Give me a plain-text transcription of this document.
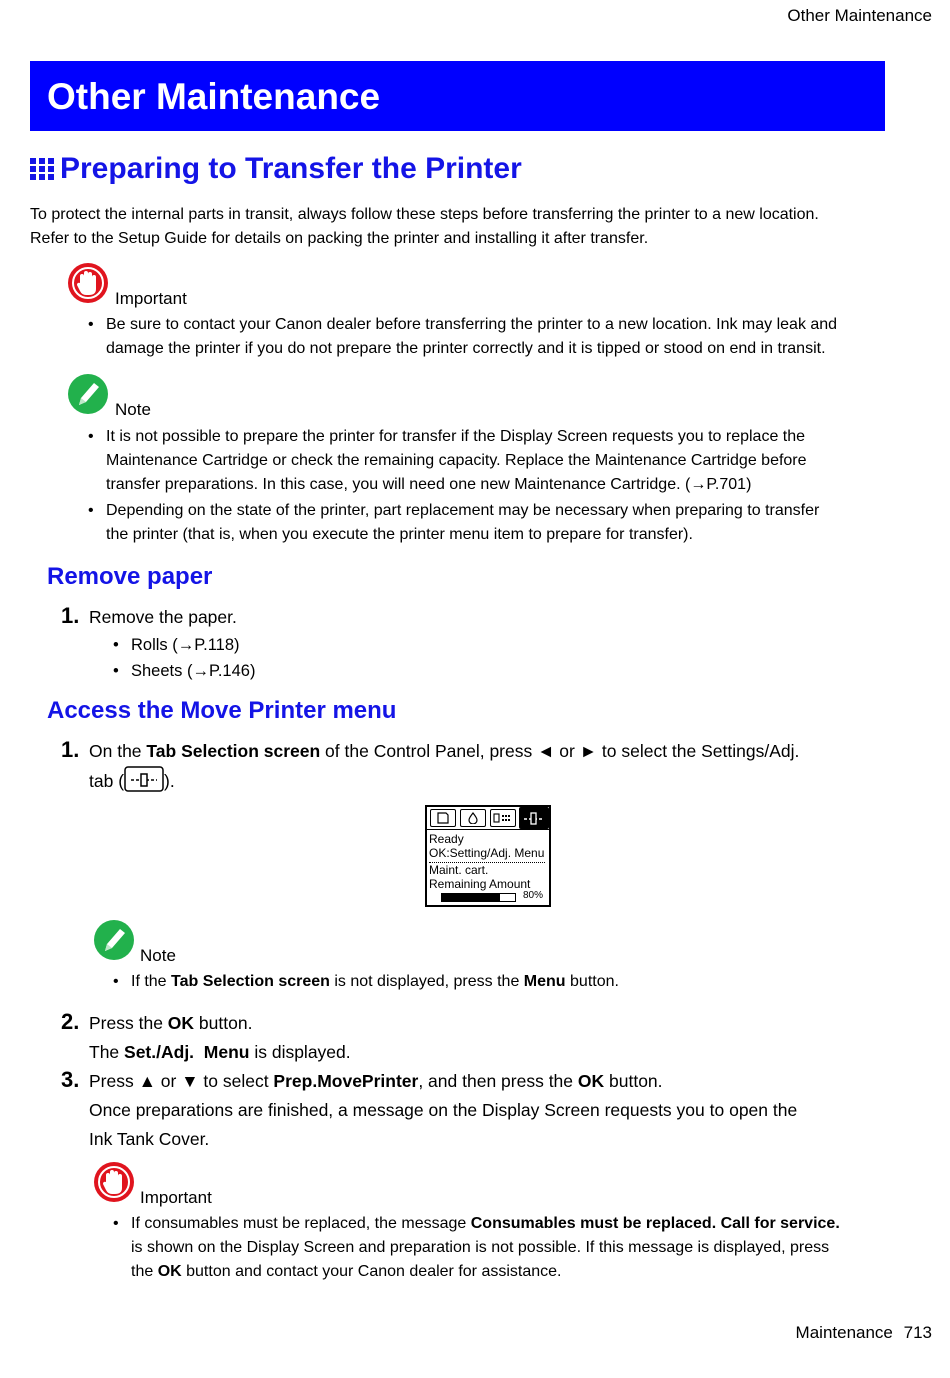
Other Maintenance
Other Maintenance
Preparing to Transfer the Printer
To protect the internal parts in transit, always follow these steps before transferring the printer to a new location.
Refer to the Setup Guide for details on packing the printer and installing it after transfer.
Important
• Be sure to contact your Canon dealer before transferring the printer to a new location. Ink may leak and
damage the printer if you do not prepare the printer correctly and it is tipped or stood on end in transit.
Note
• It is not possible to prepare the printer for transfer if the Display Screen requests you to replace the
Maintenance Cartridge or check the remaining capacity. Replace the Maintenance Cartridge before
transfer preparations. In this case, you will need one new Maintenance Cartridge. (→P.701)
• Depending on the state of the printer, part replacement may be necessary when preparing to transfer
the printer (that is, when you execute the printer menu item to prepare for transfer).
Remove paper
1. Remove the paper.
• Rolls (→P.118)
• Sheets (→P.146)
Access the Move Printer menu
1. On the Tab Selection screen of the Control Panel, press ◄ or ► to select the Settings/Adj.
tab ( ).
Ready
OK:Setting/Adj. Menu
Maint. cart.
Remaining Amount
80%
Note
• If the Tab Selection screen is not displayed, press the Menu button.
2. Press the OK button.
The Set./Adj.  Menu is displayed.
3. Press ▲ or ▼ to select Prep.MovePrinter, and then press the OK button.
Once preparations are finished, a message on the Display Screen requests you to open the
Ink Tank Cover.
Important
• If consumables must be replaced, the message Consumables must be replaced. Call for service.
is shown on the Display Screen and preparation is not possible. If this message is displayed, press
the OK button and contact your Canon dealer for assistance.
Maintenance 713
